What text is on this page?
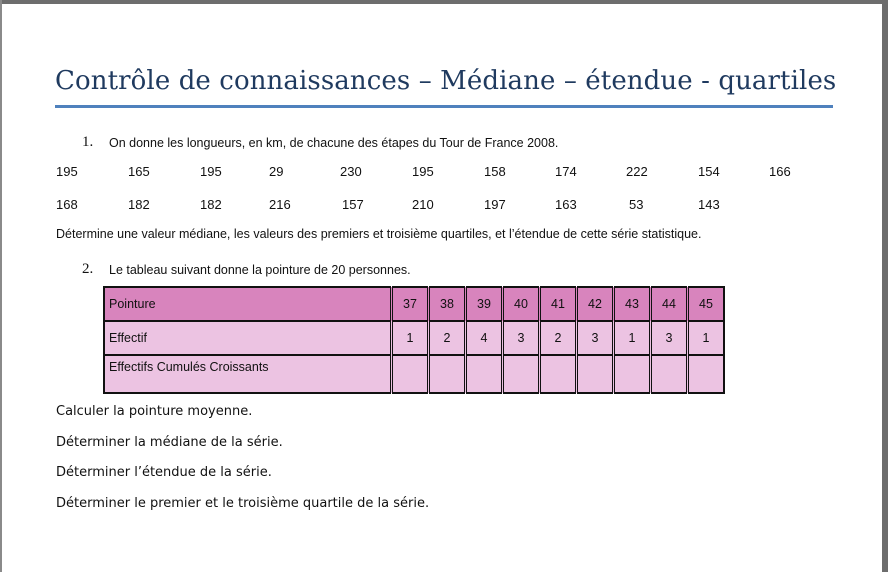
Contrôle de connaissances – Médiane – étendue - quartiles
1. On donne les longueurs, en km, de chacune des étapes du Tour de France 2008.
195	165	195	29	230	195	158	174	222	154	166
168	182	182	216	157	210	197	163	53	143
Détermine une valeur médiane, les valeurs des premiers et troisième quartiles, et l’étendue de cette série statistique.
2. Le tableau suivant donne la pointure de 20 personnes.
Pointure	37	38	39	40	41	42	43	44	45
Effectif	1	2	4	3	2	3	1	3	1
Effectifs Cumulés Croissants									
Calculer la pointure moyenne.
Déterminer la médiane de la série.
Déterminer l’étendue de la série.
Déterminer le premier et le troisième quartile de la série.
